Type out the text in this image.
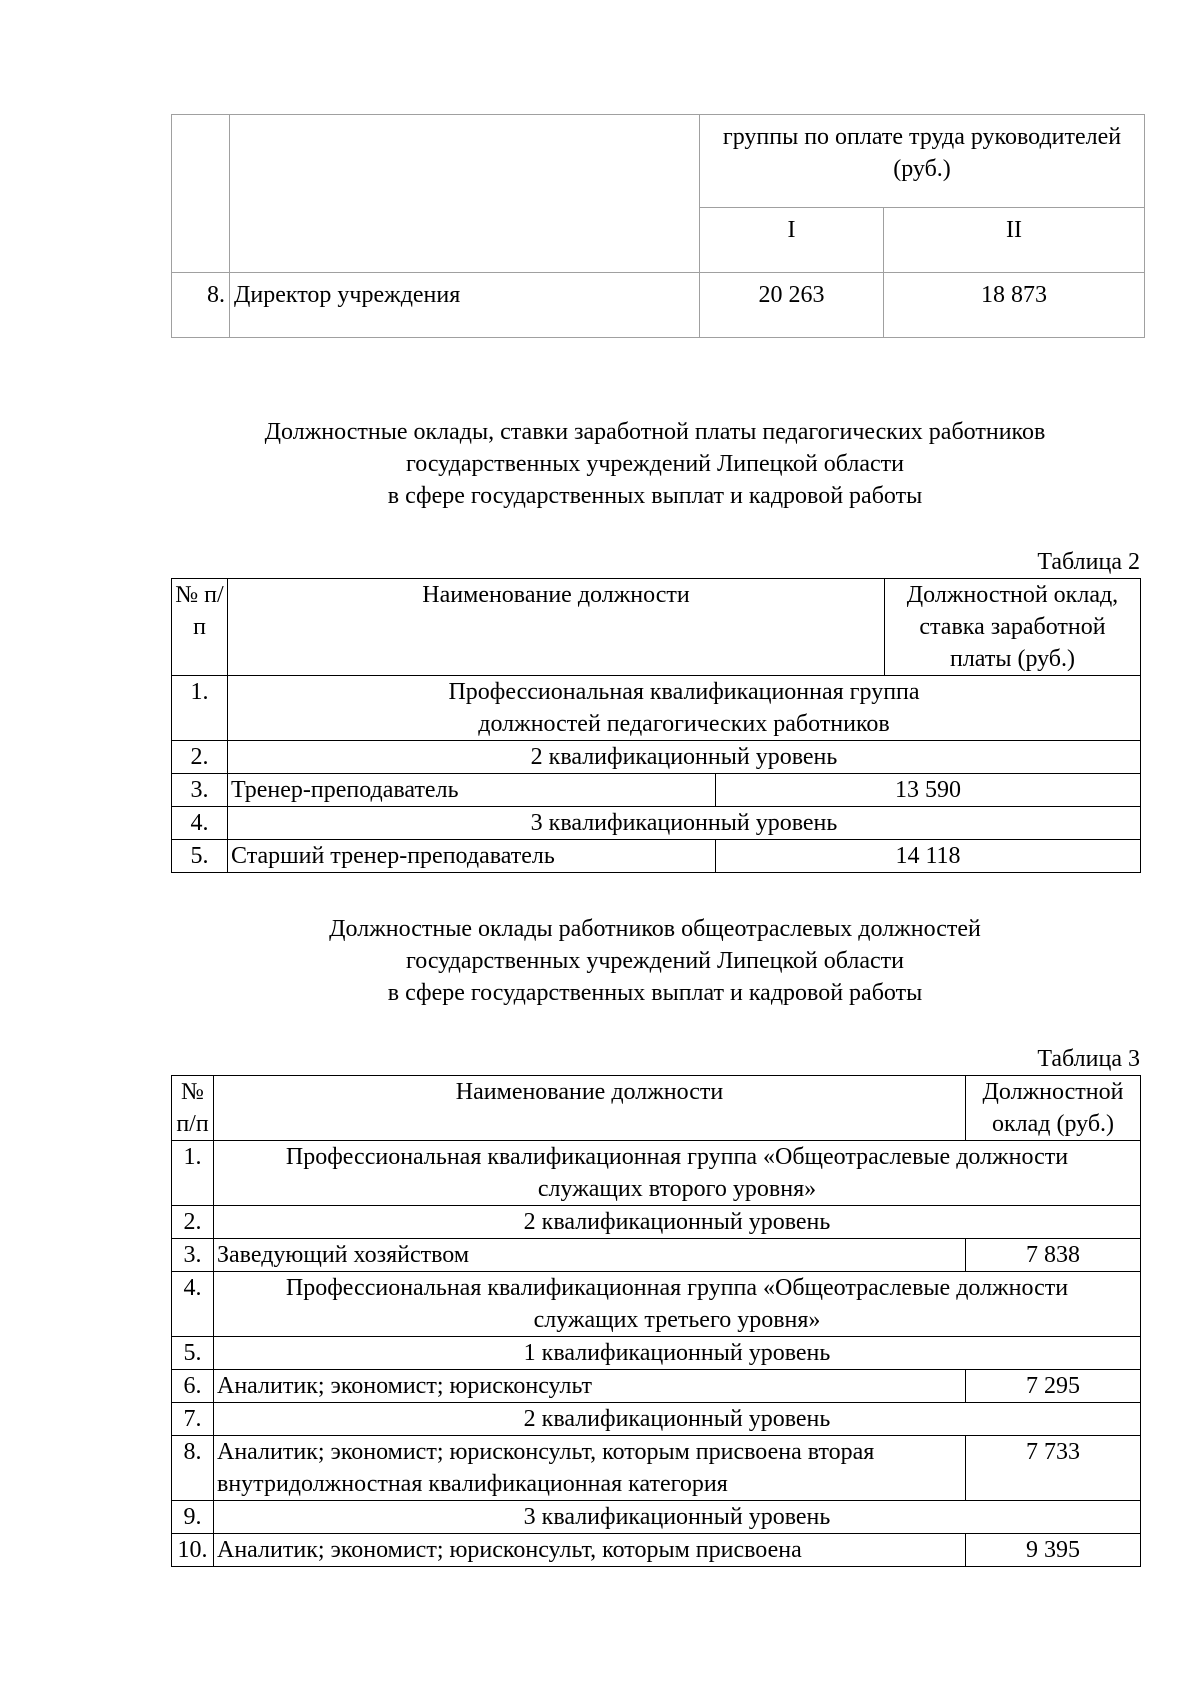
		группы по оплате труда руководителей (руб.)	
		I	II
8.	Директор учреждения	20 263	18 873
Должностные оклады, ставки заработной платы педагогических работников
государственных учреждений Липецкой области
в сфере государственных выплат и кадровой работы
Таблица 2
№ п/п	Наименование должности		Должностной оклад, ставка заработной платы (руб.)
1.	Профессиональная квалификационная группа должностей педагогических работников		
2.	2 квалификационный уровень		
3.	Тренер-преподаватель	13 590	
4.	3 квалификационный уровень		
5.	Старший тренер-преподаватель	14 118	
Должностные оклады работников общеотраслевых должностей
государственных учреждений Липецкой области
в сфере государственных выплат и кадровой работы
Таблица 3
№ п/п	Наименование должности	Должностной оклад (руб.)
1.	Профессиональная квалификационная группа «Общеотраслевые должности служащих второго уровня»	
2.	2 квалификационный уровень	
3.	Заведующий хозяйством	7 838
4.	Профессиональная квалификационная группа «Общеотраслевые должности служащих третьего уровня»	
5.	1 квалификационный уровень	
6.	Аналитик; экономист; юрисконсульт	7 295
7.	2 квалификационный уровень	
8.	Аналитик; экономист; юрисконсульт, которым присвоена вторая внутридолжностная квалификационная категория	7 733
9.	3 квалификационный уровень	
10.	Аналитик; экономист; юрисконсульт, которым присвоена	9 395
